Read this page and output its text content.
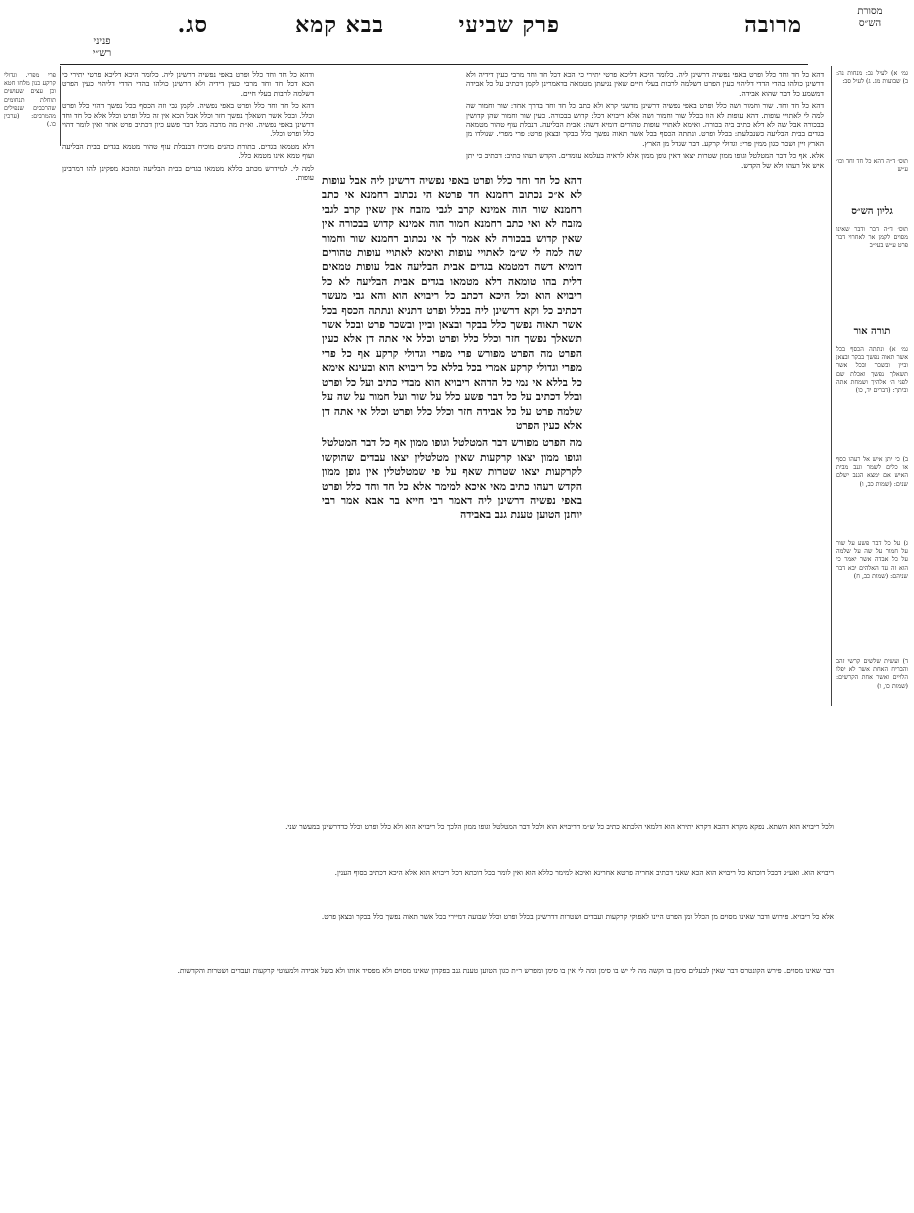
מסורת
הש״ס
מרובה
פרק שביעי
בבא קמא
סג.
פניני
רש״י
גמ׳ א) לעיל נב: מנחות נה: ב) שבועות מג. ג) לעיל סב:
תוס׳ ד״ה דהא כל חד וחד וכו׳ ע״ש
גליון הש״ס
תוס׳ ד״ה דבר ודבר שאינו מסוים לקמן אר לאחרוי דבר פרט ע״ש בעי״ב
תורה אור
גמ׳ א) ונתתה הכסף בכל אשר תאוה נפשך בבקר ובצאן וביין ובשכר ובכל אשר תשאלך נפשך ואכלת שם לפני ה׳ אלהיך ושמחת אתה וביתך: (דברים יד, כו)
ב) כי יתן איש אל רעהו כסף או כלים לשמר וגנב מבית האיש אם ימצא הגנב ישלם שנים: (שמות כב, ו)
ג) על כל דבר פשע על שור על חמור על שה על שלמה על כל אבדה אשר יאמר כי הוא זה עד האלהים יבא דבר שניהם: (שמות כב, ח)
ד) ועשית שלשים קרשי זהב והבריח האחת אשר לא יפלו הלויים ואשר אחת הקרשים: (שמות כו, ו)
פרי מפרי. וגדולי קרקע כנון מלחו חטא וכן עצים שעושים תוחלת תנחומים שהרכבים שנפילים מהמרבים: (ערכין כו.)

דהא כל חד וחד כלל ופרט באפי נפשיה דרשינן ליה. כלומר היכא דליכא פרטי יתירי כי הכא דכל חד וחד מרבי כעין דידיה ולא דרשינן כולהו בהדי הדדי דליהוי כעין הפרט דשלמה לרבות בעלי חיים שאין נגיעתן מטמאה בדאמרינן לקמן דכתיב על כל אבידה דמשמע כל דבר שהוא אבידה.

דהא כל חד וחד. שור וחמור ושה כלל ופרט באפי נפשיה דרשינן מדשני קרא ולא כתב כל חד וחד בדרך אחד: שור וחמור שה למה לי לאתויי עופות. דהא עופות לא הוו בכלל שור וחמור ושה אלא ריבויא דכל: קדוש בבכורה. כעין שור וחמור שהן קדושין בבכורה אבל שה לא דלא כתיב ביה בכורה. ואימא לאתויי עופות טהורים דומיא דשה: אבית הבליעה. דנבלת עוף טהור מטמאה בגדים בבית הבליעה כשנבלעת: בכלל ופרט. ונתתה הכסף בכל אשר תאוה נפשך כלל בבקר ובצאן פרט: פרי מפרי. שנולדו מן הארץ ויין ושכר כגון ממין פרי: וגדולי קרקע. דבר שגדל מן הארץ.

אלא. אף כל דבר המטלטל וגופו ממון שטרות יצאו דאין גופן ממון אלא לראיה בעלמא עומדים. הקדש רעהו כתיב: דכתיב כי יתן איש אל רעהו ולא של הקדש.

ודהא כל חד וחד כלל ופרט באפי נפשיה דרשינן ליה. כלומר היכא דליכא פרטי יתירי כי הכא דכל חד וחד מרבי כעין דידיה ולא דרשינן כולהו בהדי הדדי דליהוי כעין הפרט דשלמה לרבות בעלי חיים.

דהא כל חד וחד כלל ופרט באפי נפשיה. לקמן גבי וזה הכסף בכל נפשך דהוי כלל ופרט וכלל. ובכל אשר תשאלך נפשך חזר וכלל אבל הכא אין זה כלל ופרט וכלל אלא כל חד וחד דרשינן באפי נפשיה. וא״ת מה מרבה מכל דבר פשע כיון דכתיב פרט אחר ואין לומר דהוי כלל ופרט וכלל.

דלא מטמאו בגדים. בתורת כהנים מוכיח דבנבלת עוף טהור מטמא בגדים בבית הבליעה ועוף טמא אינו מטמא כלל.

למה לי. למידרש מכתב כללא מטמאו בגדים בבית הבליעה ומהכא מפקינן להו דמרבינן עופות. דהא כל חד וחד כלל ופרט באפי נפשיה דרשינן ליה אבל עופות לא א״כ נכתוב רחמנא חד פרטא הי נכתוב רחמנא אי כתב רחמנא שור הוה אמינא קרב לגבי מזבח אין שאין קרב לגבי מזבח לא ואי כתב רחמנא חמור הוה אמינא קדוש בבכורה אין שאין קדוש בבכורה לא אמר לך אי נכתוב רחמנא שור וחמור שה למה לי ש״מ לאתויי עופות ואימא לאתויי עופות טהורים דומיא דשה דמטמא בגדים אבית הבליעה אבל עופות טמאים דלית בהו טומאה דלא מטמאו בגדים אבית הבליעה לא כל ריבויא הוא וכל היכא דכתב כל ריבויא הוא והא גבי מעשר דכתיב כל וקא דרשינן ליה בכלל ופרט דתניא ונתתה הכסף בכל אשר תאוה נפשך כלל בבקר ובצאן וביין ובשכר פרט ובכל אשר תשאלך נפשך חזר וכלל כלל ופרט וכלל אי אתה דן אלא כעין הפרט מה הפרט מפורש פרי מפרי וגדולי קרקע אף כל פרי מפרי וגדולי קרקע אמרי בכל בללא כל ריבויא הוא ובעינא אימא כל בללא אי נמי כל הדהא ריבויא הוא מבדי כתיב ועל כל ופרט ובלל דכתיב על כל דבר פשע כלל על שור ועל חמור על שה על שלמה פרט על כל אבידה חזר וכלל כלל ופרט וכלל אי אתה דן אלא כעין הפרט

מה הפרט מפורש דבר המטלטל וגופו ממון אף כל דבר המטלטל וגופו ממון יצאו קרקעות שאין מטלטלין יצאו עבדים שהוקשו לקרקעות יצאו שטרות שאף על פי שמטלטלין אין גופן ממון הקדש רעהו כתיב מאי איכא למימר אלא כל חד וחד כלל ופרט באפי נפשיה דרשינן ליה דאמר רבי חייא בר אבא אמר רבי יוחנן הטוען טענת גנב באבידה

ולכל ריבויא הוא השתא. נפקא מקרא דהכא דקרא יתירא הוא דלמאי הלכתא כתיב כל ש״מ דריבויא הוא ולכל דבר המטלטל וגופו ממון הלכך כל ריבויא הוא ולא כלל ופרט וכלל כדדרשינן במעשר שני.
ריבויא הוא. ואע״ג דבכל דוכתא כל ריבויא הוא הכא שאני דכתיב אחריה פרטא אחרינא ואיכא למימר כללא הוא ואין לומר בכל דוכתא דכל ריבויא הוא אלא היכא דכתיב בסוף הענין.
אלא כל ריבויא. פירוש ודבר שאינו מסוים מן הכלל ומן הפרט היינו לאפוקי קרקעות ועבדים ושטרות דדרשינן בכלל ופרט וכלל שבועה דמיירי בכל אשר תאוה נפשך כלל בבקר ובצאן פרט.
דבר שאינו מסוים. פירש הקונטרס דבר שאין לבעלים סימן בו וקשה מה לי יש בו סימן ומה לי אין בו סימן ומפרש ר״ת כגון הטוען טענת גנב בפקדון שאינו מסוים ולא מפסיד אותו ולא בשל אבידה ולמעוטי קרקעות ועבדים ושטרות והקדשות.
